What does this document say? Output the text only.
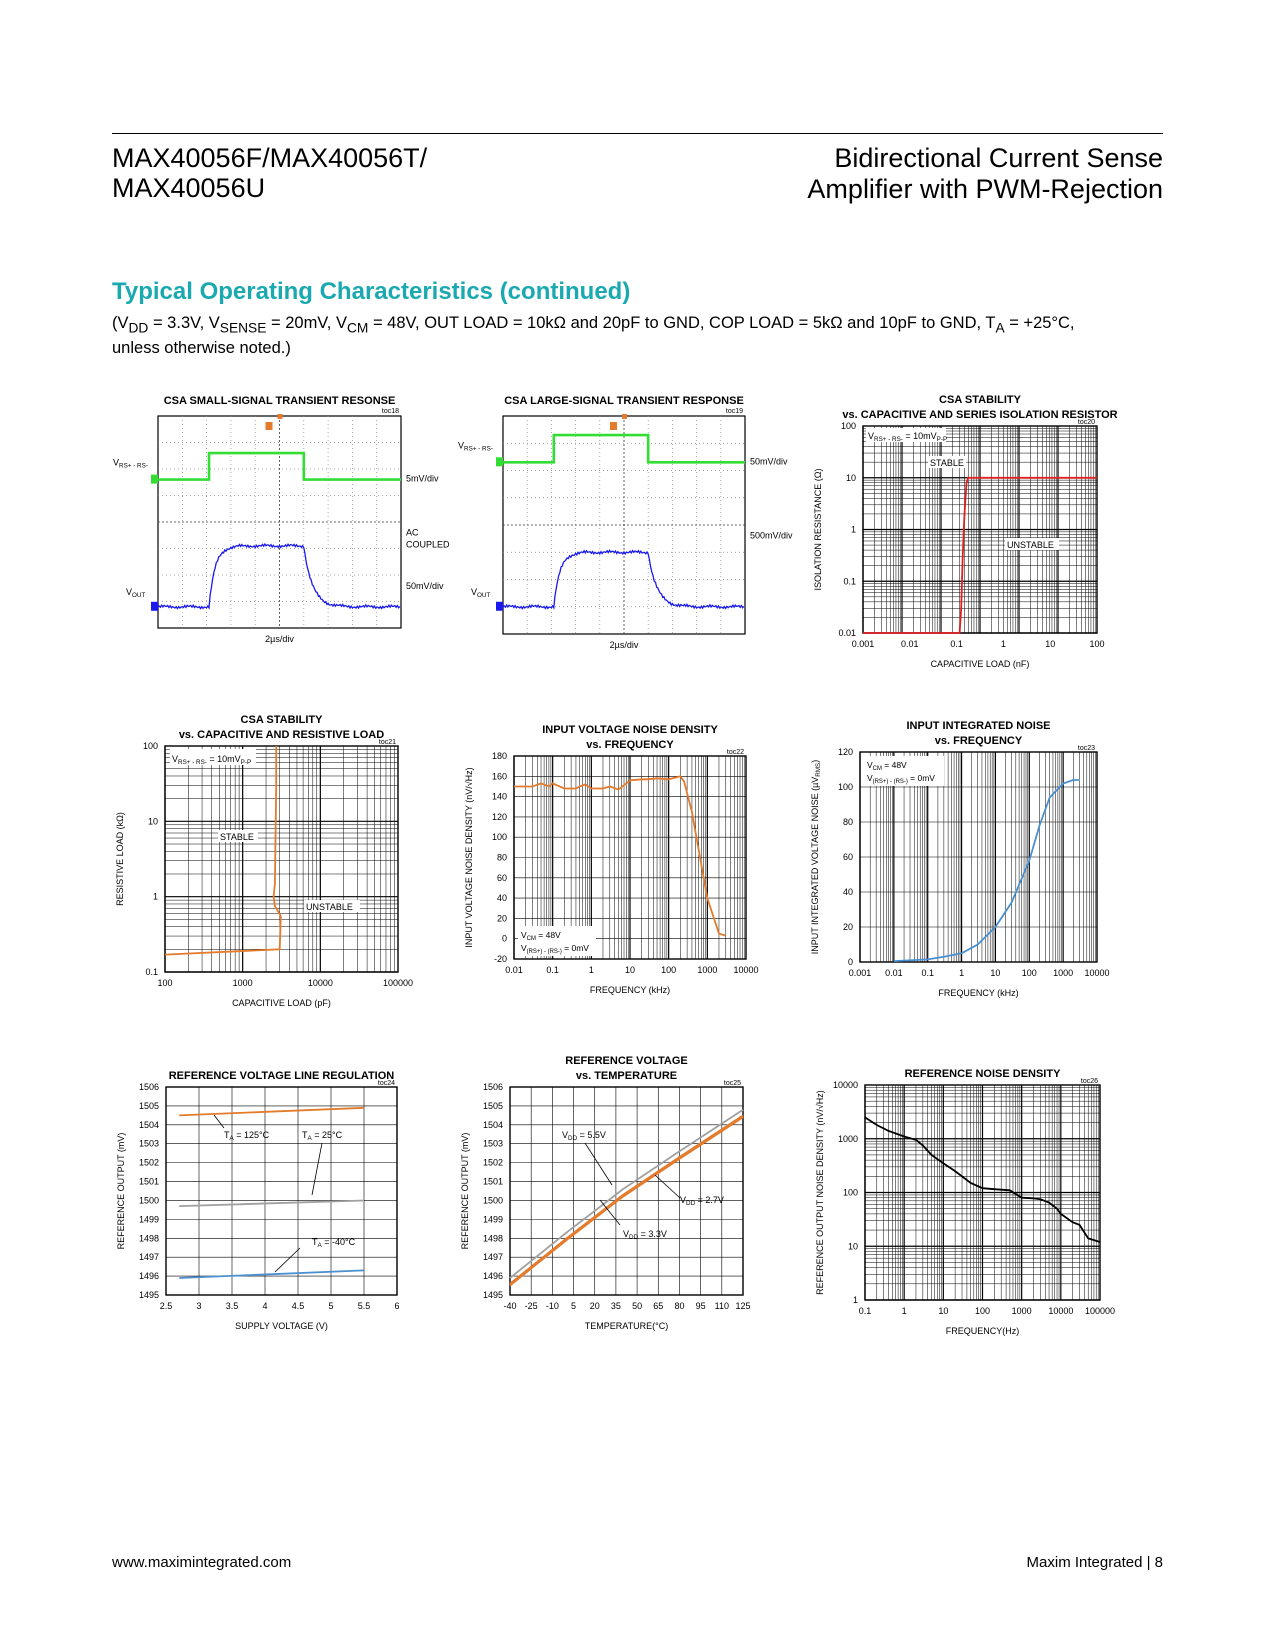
MAX40056F/MAX40056T/
MAX40056U
Bidirectional Current Sense
Amplifier with PWM-Rejection
Typical Operating Characteristics (continued)
($V_{DD} = 3.3V$, $V_{SENSE} = 20mV$, $V_{CM} = 48V$, OUT LOAD = 10kΩ and 20pF to GND, COP LOAD = 5kΩ and 10pF to GND, $T_A = +25^\circ C$,
unless otherwise noted.)
CSA SMALL-SIGNAL TRANSIENT RESONSE
toc18
2µs/div
$V_{RS+ - RS-}$
$V_{OUT}$
5mV/div
AC
COUPLED
50mV/div
CSA LARGE-SIGNAL TRANSIENT RESPONSE
toc19
2µs/div
$V_{RS+ - RS-}$
$V_{OUT}$
50mV/div
500mV/div
0.001	0.01	0.1	1	10	100
0.01
0.1
1
10
100
CAPACITIVE LOAD (nF)
ISOLATION RESISTANCE (Ω)
vs. CAPACITIVE AND SERIES ISOLATION RESISTOR
CSA STABILITY
toc20
$V_{RS+ - RS-} = 10mV_{P-P}$
STABLE
UNSTABLE
100	1000	10000	100000
0.1
1
10
100
CAPACITIVE LOAD (pF)
RESISTIVE LOAD (kΩ)
vs. CAPACITIVE AND RESISTIVE LOAD
CSA STABILITY
toc21
$V_{RS+ - RS-} = 10mV_{P-P}$
STABLE
UNSTABLE
0.01	0.1	1	10	100 1000 10000
-20
0
20
40
60
80
100
120
140
160
180
FREQUENCY (kHz)
INPUT VOLTAGE NOISE DENSITY (nV/√Hz)
vs. FREQUENCY
INPUT VOLTAGE NOISE DENSITY
toc22
$V_{CM} = 48V$
$V_{(RS+) - (RS-)} = 0mV$
0.001 0.01 0.1	1	10 100 1000 10000
0
20
40
60
80
100
120
FREQUENCY (kHz)
INPUT INTEGRATED VOLTAGE NOISE (µV$_{RMS}$)
vs. FREQUENCY
INPUT INTEGRATED NOISE
toc23
$V_{CM} = 48V$
$V_{(RS+) - (RS-)} = 0mV$
2.5	3	3.5	4	4.5	5	5.5	6
1495
1496
1497
1498
1499
1500
1501
1502
1503
1504
1505
1506
SUPPLY VOLTAGE (V)
REFERENCE OUTPUT (mV)
REFERENCE VOLTAGE LINE REGULATION
toc24
$T_A = 125^\circ C$	$T_A = 25^\circ C$
$T_A = -40^\circ C$
-40 -25 -10 5 20 35 50 65 80 95 110 125
1495
1496
1497
1498
1499
1500
1501
1502
1503
1504
1505
1506
TEMPERATURE(°C)
REFERENCE OUTPUT (mV)
vs. TEMPERATURE
REFERENCE VOLTAGE
toc25
$V_{DD} = 5.5V$
$V_{DD} = 2.7V$
$V_{DD} = 3.3V$
0.1	1	10	100 1000 10000 100000
1
10
100
1000
10000
FREQUENCY(Hz)
REFERENCE OUTPUT NOISE DENSITY (nV/√Hz)
REFERENCE NOISE DENSITY
toc26
www.maximintegrated.com	Maxim Integrated | 8
